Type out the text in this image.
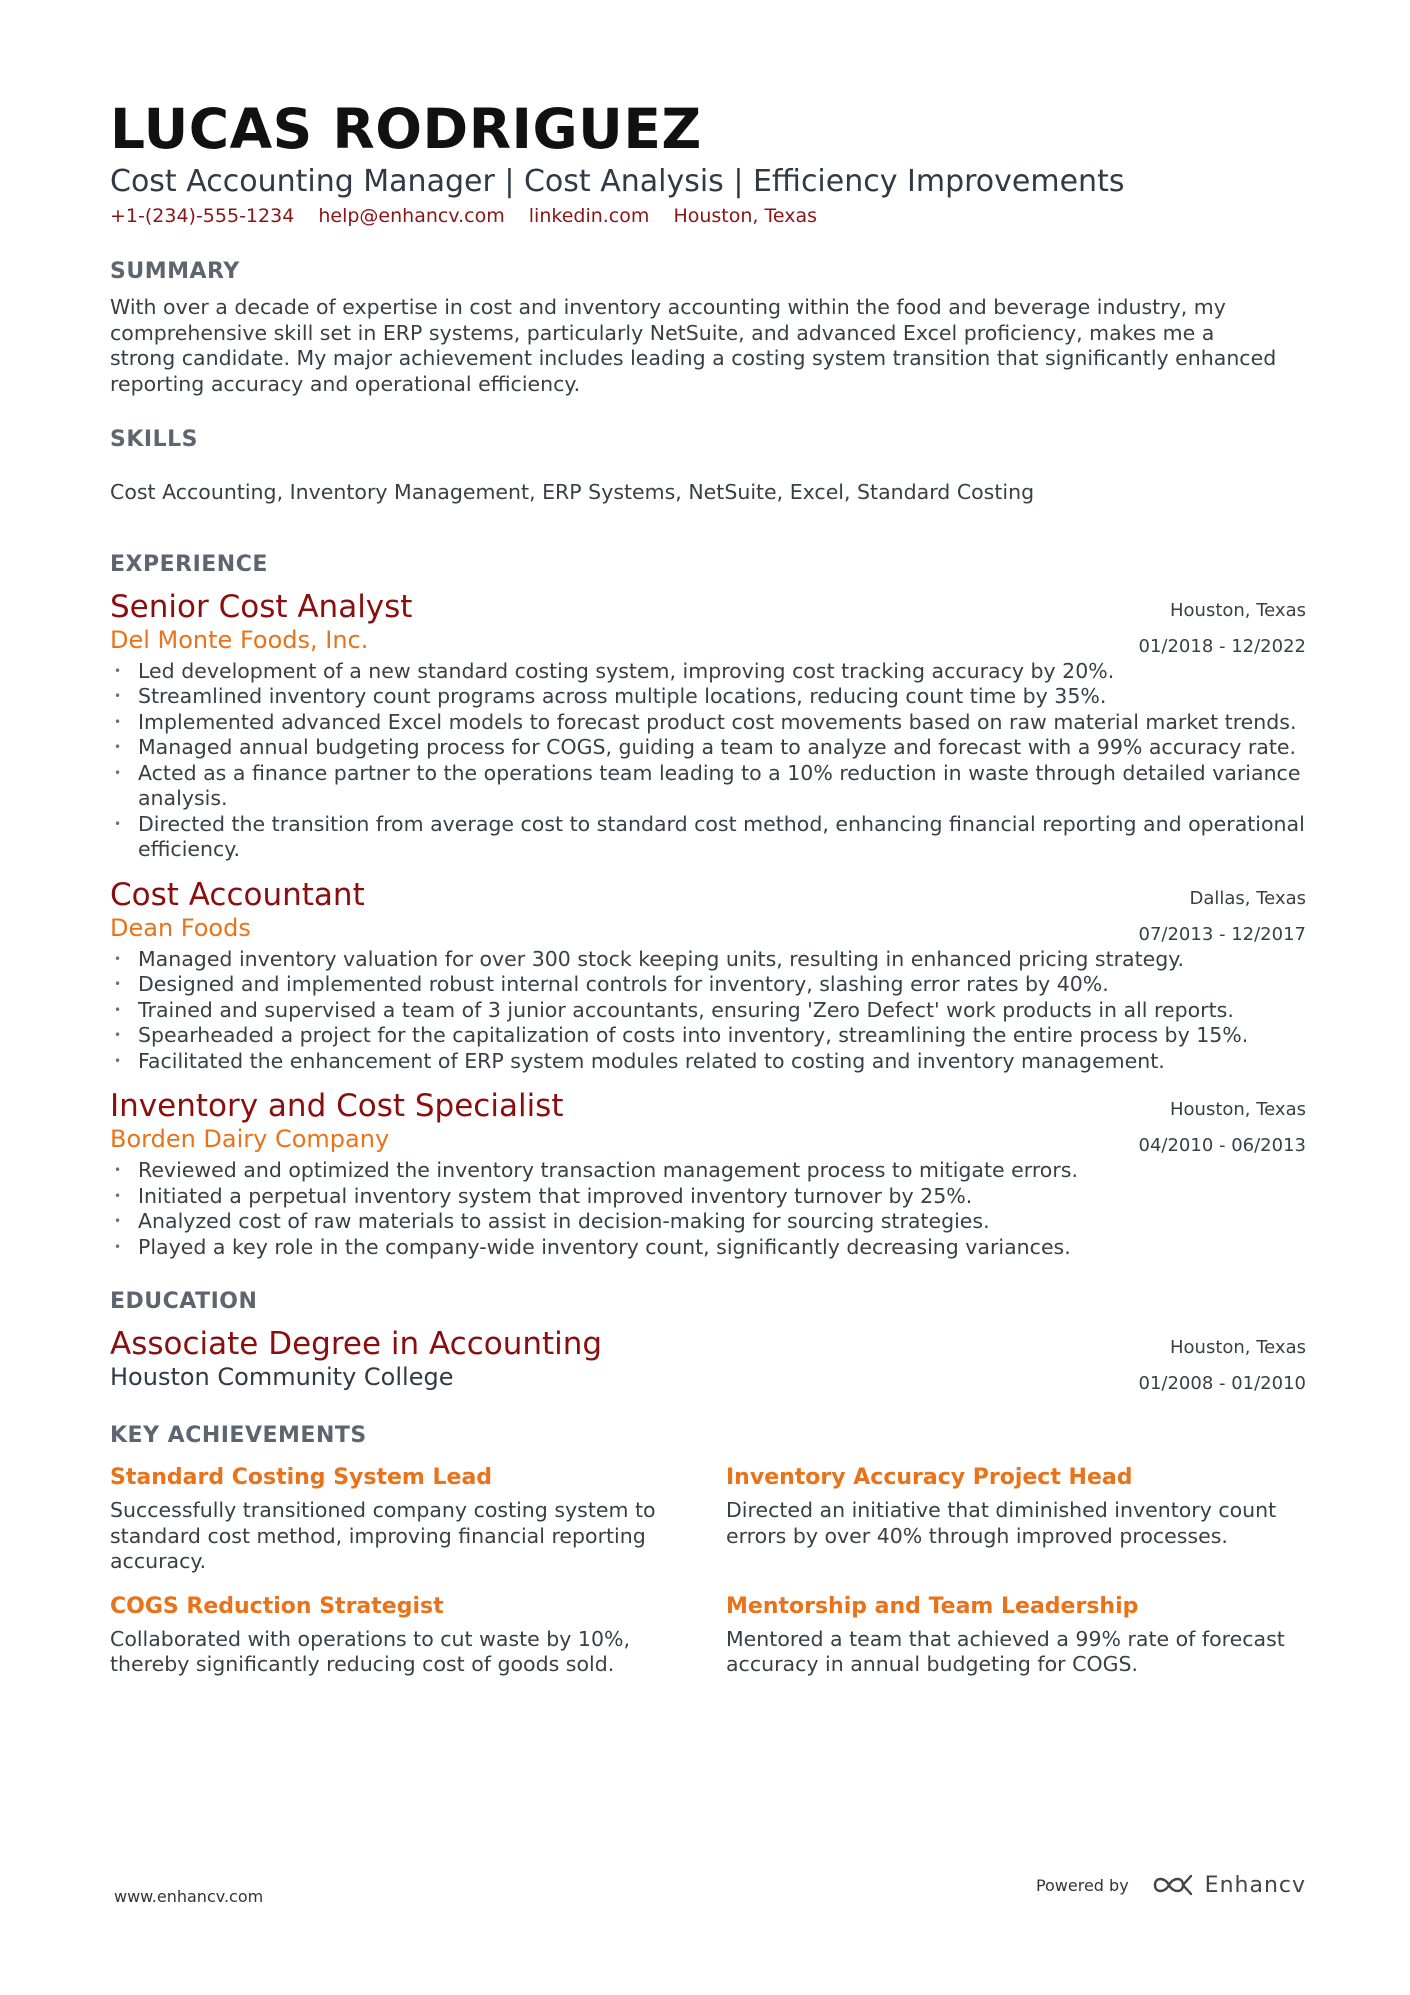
LUCAS RODRIGUEZ
Cost Accounting Manager | Cost Analysis | Efficiency Improvements
+1-(234)-555-1234 help@enhancv.com linkedin.com Houston, Texas
SUMMARY
With over a decade of expertise in cost and inventory accounting within the food and beverage industry, my comprehensive skill set in ERP systems, particularly NetSuite, and advanced Excel proficiency, makes me a strong candidate. My major achievement includes leading a costing system transition that significantly enhanced reporting accuracy and operational efficiency.
SKILLS
Cost Accounting, Inventory Management, ERP Systems, NetSuite, Excel, Standard Costing
EXPERIENCE
Senior Cost Analyst
Del Monte Foods, Inc.
Houston, Texas
01/2018 - 12/2022
• Led development of a new standard costing system, improving cost tracking accuracy by 20%.
• Streamlined inventory count programs across multiple locations, reducing count time by 35%.
• Implemented advanced Excel models to forecast product cost movements based on raw material market trends.
• Managed annual budgeting process for COGS, guiding a team to analyze and forecast with a 99% accuracy rate.
• Acted as a finance partner to the operations team leading to a 10% reduction in waste through detailed variance analysis.
• Directed the transition from average cost to standard cost method, enhancing financial reporting and operational efficiency.
Cost Accountant
Dean Foods
Dallas, Texas
07/2013 - 12/2017
• Managed inventory valuation for over 300 stock keeping units, resulting in enhanced pricing strategy.
• Designed and implemented robust internal controls for inventory, slashing error rates by 40%.
• Trained and supervised a team of 3 junior accountants, ensuring 'Zero Defect' work products in all reports.
• Spearheaded a project for the capitalization of costs into inventory, streamlining the entire process by 15%.
• Facilitated the enhancement of ERP system modules related to costing and inventory management.
Inventory and Cost Specialist
Borden Dairy Company
Houston, Texas
04/2010 - 06/2013
• Reviewed and optimized the inventory transaction management process to mitigate errors.
• Initiated a perpetual inventory system that improved inventory turnover by 25%.
• Analyzed cost of raw materials to assist in decision-making for sourcing strategies.
• Played a key role in the company-wide inventory count, significantly decreasing variances.
EDUCATION
Associate Degree in Accounting
Houston Community College
Houston, Texas
01/2008 - 01/2010
KEY ACHIEVEMENTS
Standard Costing System Lead
Successfully transitioned company costing system to standard cost method, improving financial reporting accuracy.
Inventory Accuracy Project Head
Directed an initiative that diminished inventory count errors by over 40% through improved processes.
COGS Reduction Strategist
Collaborated with operations to cut waste by 10%, thereby significantly reducing cost of goods sold.
Mentorship and Team Leadership
Mentored a team that achieved a 99% rate of forecast accuracy in annual budgeting for COGS.
www.enhancv.com
Powered by	Enhancv
